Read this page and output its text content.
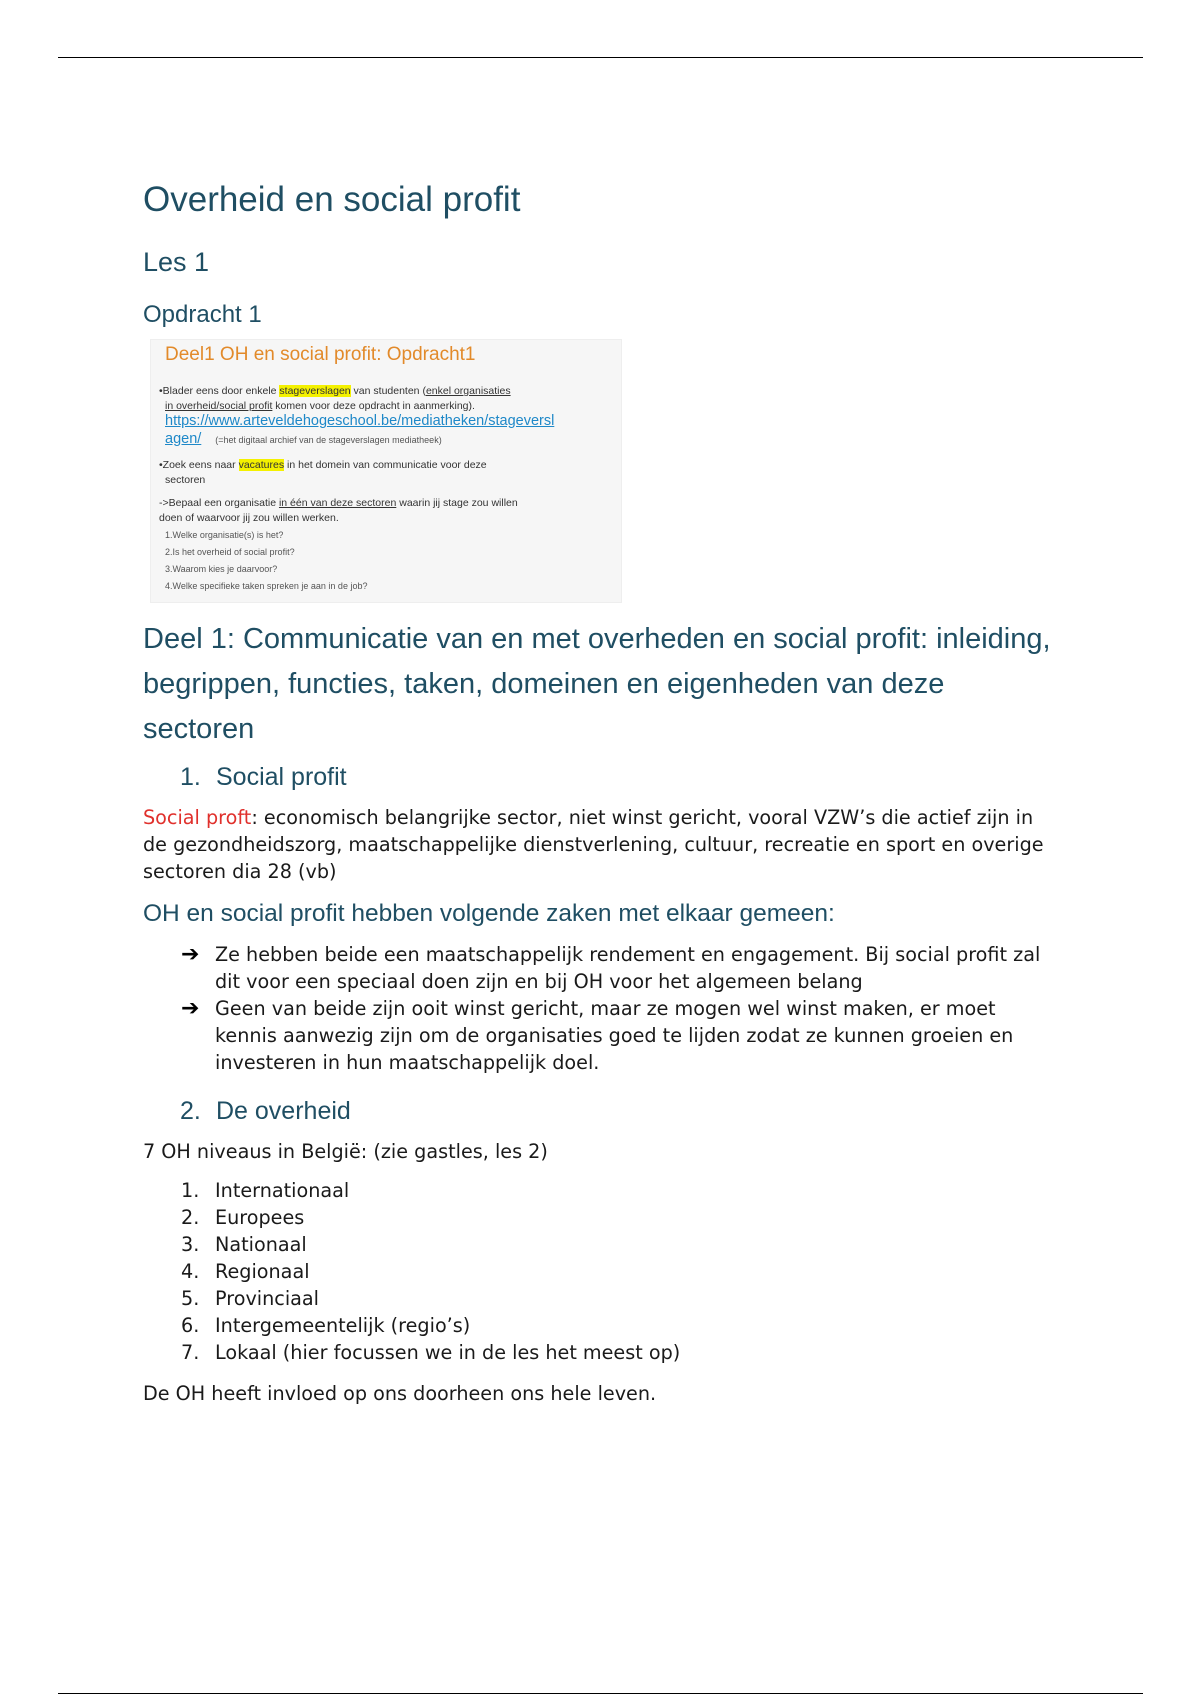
Overheid en social profit
Les 1
Opdracht 1
Deel1 OH en social profit: Opdracht1
•Blader eens door enkele stageverslagen van studenten (enkel organisaties
in overheid/social profit komen voor deze opdracht in aanmerking).
https://www.arteveldehogeschool.be/mediatheken/stageversl
agen/ (=het digitaal archief van de stageverslagen mediatheek)
•Zoek eens naar vacatures in het domein van communicatie voor deze
sectoren
->Bepaal een organisatie in één van deze sectoren waarin jij stage zou willen
doen of waarvoor jij zou willen werken.
1.Welke organisatie(s) is het?
2.Is het overheid of social profit?
3.Waarom kies je daarvoor?
4.Welke specifieke taken spreken je aan in de job?
Deel 1: Communicatie van en met overheden en social profit: inleiding, begrippen, functies, taken, domeinen en eigenheden van deze sectoren
1. Social profit

Social proft: economisch belangrijke sector, niet winst gericht, vooral VZW’s die actief zijn in de gezondheidszorg, maatschappelijke dienstverlening, cultuur, recreatie en sport en overige sectoren dia 28 (vb)

OH en social profit hebben volgende zaken met elkaar gemeen:
➔ Ze hebben beide een maatschappelijk rendement en engagement. Bij social profit zal dit voor een speciaal doen zijn en bij OH voor het algemeen belang
➔ Geen van beide zijn ooit winst gericht, maar ze mogen wel winst maken, er moet kennis aanwezig zijn om de organisaties goed te lijden zodat ze kunnen groeien en investeren in hun maatschappelijk doel.
2. De overheid

7 OH niveaus in België: (zie gastles, les 2)

1. Internationaal
2. Europees
3. Nationaal
4. Regionaal
5. Provinciaal
6. Intergemeentelijk (regio’s)
7. Lokaal (hier focussen we in de les het meest op)

De OH heeft invloed op ons doorheen ons hele leven.
